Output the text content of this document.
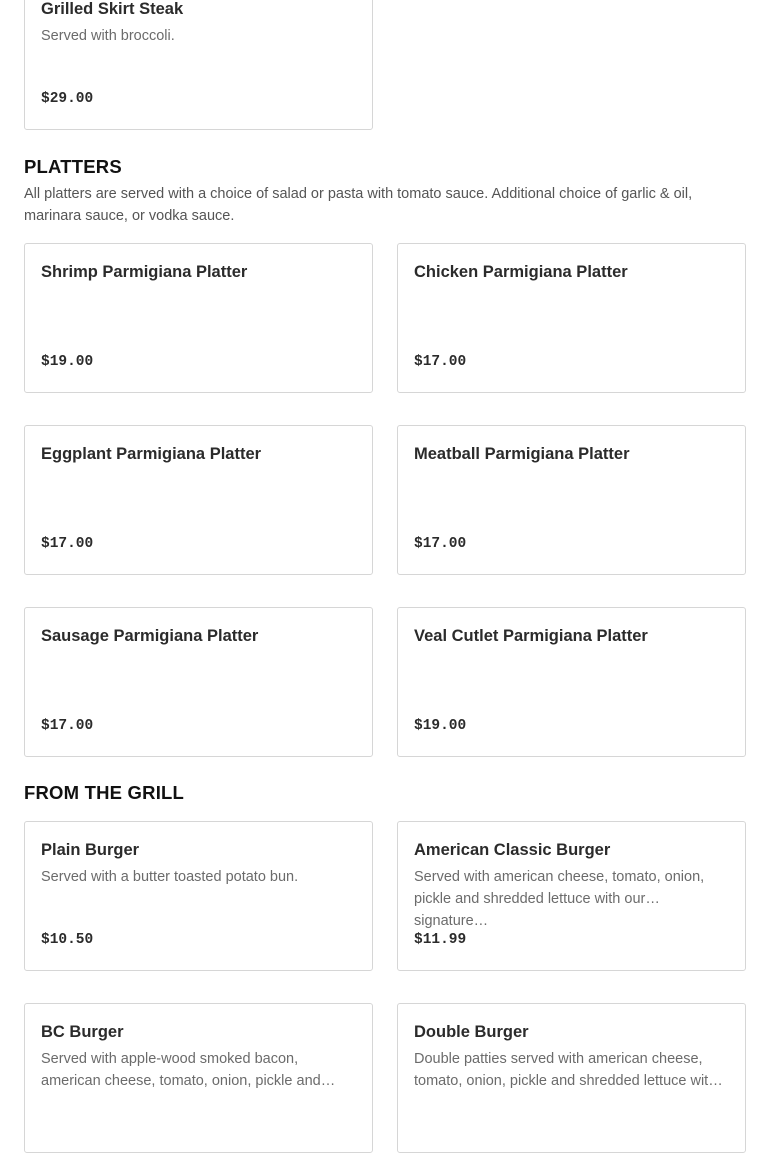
Grilled Skirt Steak
Served with broccoli.
$29.00
PLATTERS
All platters are served with a choice of salad or pasta with tomato sauce. Additional choice of garlic & oil, marinara sauce, or vodka sauce.
Shrimp Parmigiana Platter
$19.00
Chicken Parmigiana Platter
$17.00
Eggplant Parmigiana Platter
$17.00
Meatball Parmigiana Platter
$17.00
Sausage Parmigiana Platter
$17.00
Veal Cutlet Parmigiana Platter
$19.00
FROM THE GRILL
Plain Burger
Served with a butter toasted potato bun.
$10.50
American Classic Burger
Served with american cheese, tomato, onion, pickle and shredded lettuce with our signature…
$11.99
BC Burger
Served with apple-wood smoked bacon, american cheese, tomato, onion, pickle and…
Double Burger
Double patties served with american cheese, tomato, onion, pickle and shredded lettuce wit…
